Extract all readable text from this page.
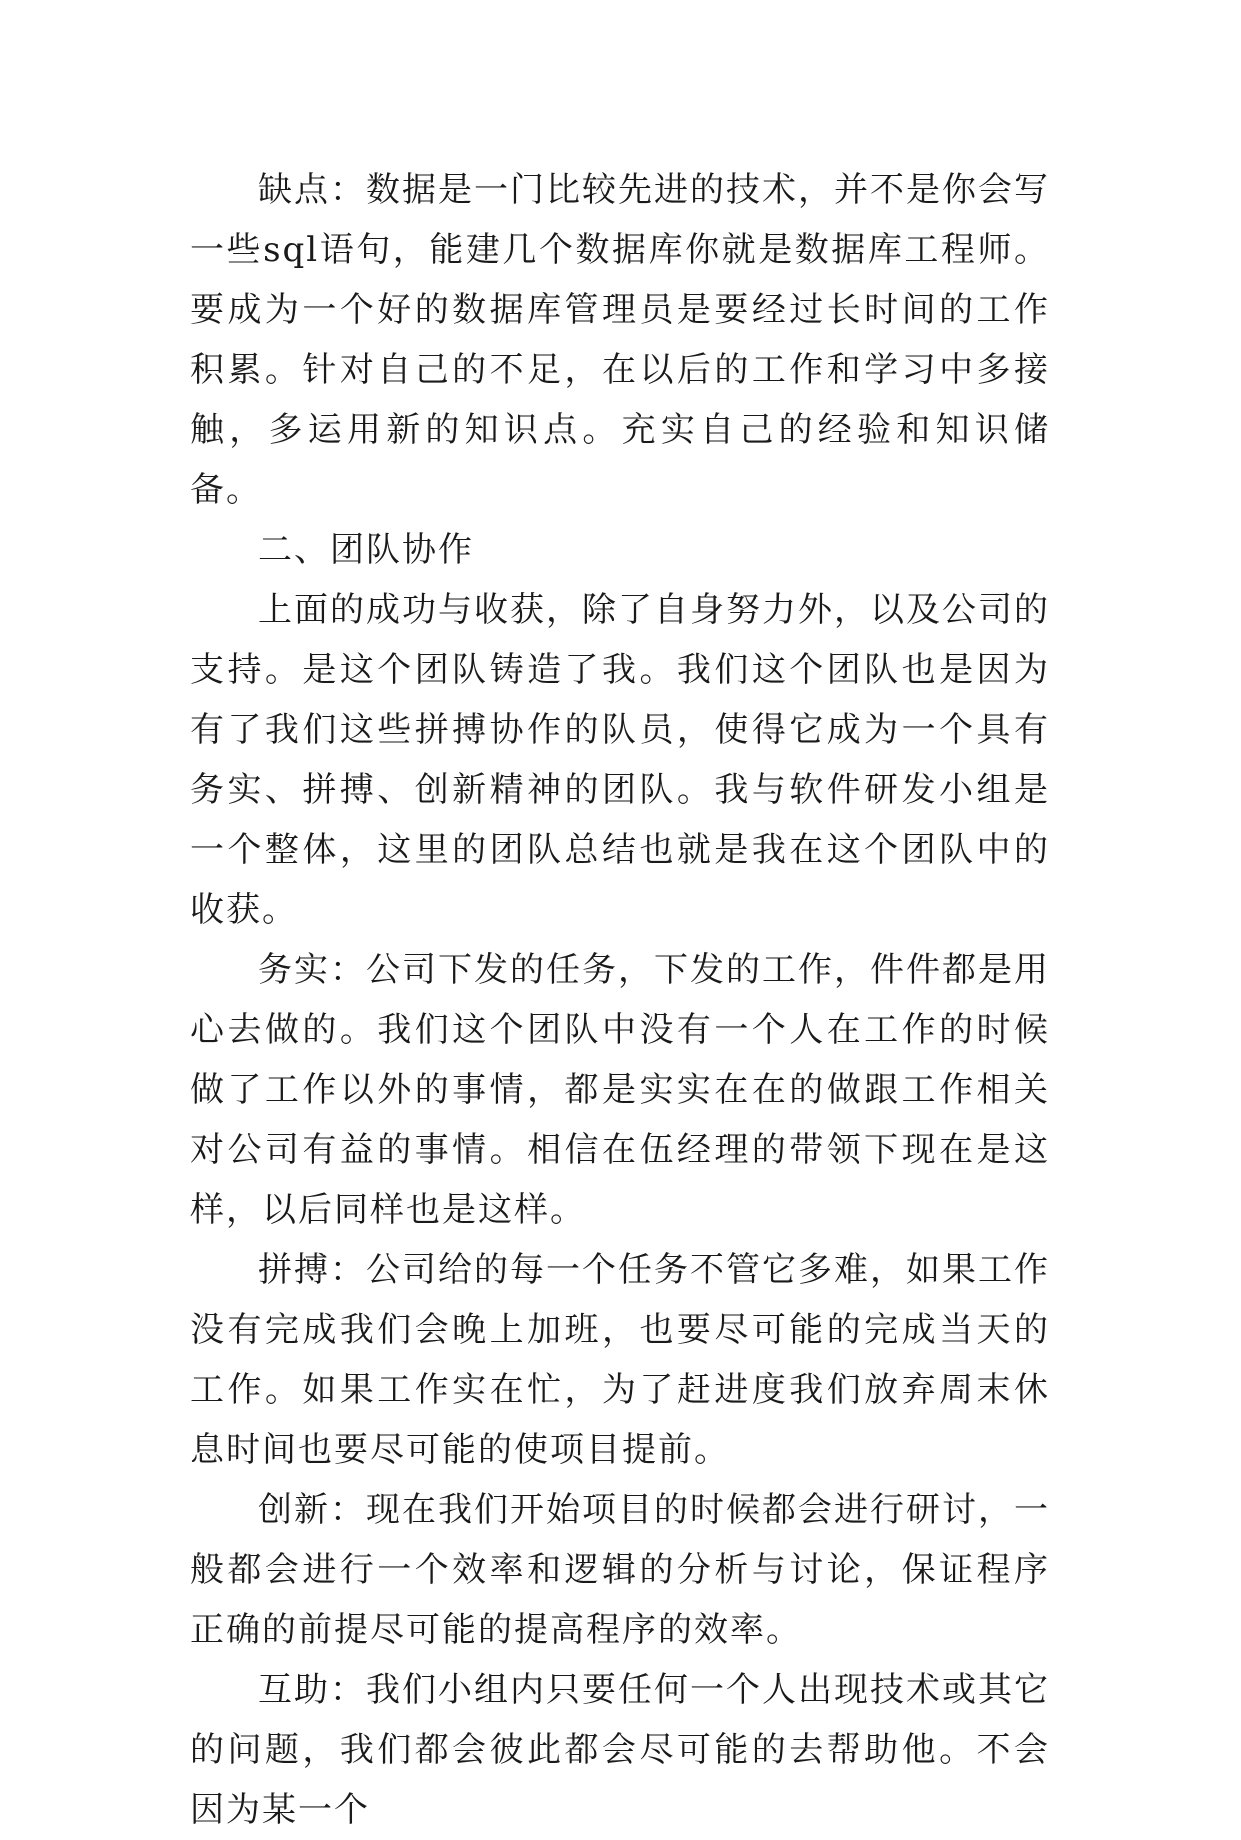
缺点：数据是一门比较先进的技术，并不是你会写一些sql语句，能建几个数据库你就是数据库工程师。要成为一个好的数据库管理员是要经过长时间的工作积累。针对自己的不足，在以后的工作和学习中多接触，多运用新的知识点。充实自己的经验和知识储备。

二、团队协作

上面的成功与收获，除了自身努力外，以及公司的支持。是这个团队铸造了我。我们这个团队也是因为有了我们这些拼搏协作的队员，使得它成为一个具有务实、拼搏、创新精神的团队。我与软件研发小组是一个整体，这里的团队总结也就是我在这个团队中的收获。

务实：公司下发的任务，下发的工作，件件都是用心去做的。我们这个团队中没有一个人在工作的时候做了工作以外的事情，都是实实在在的做跟工作相关对公司有益的事情。相信在伍经理的带领下现在是这样，以后同样也是这样。

拼搏：公司给的每一个任务不管它多难，如果工作没有完成我们会晚上加班，也要尽可能的完成当天的工作。如果工作实在忙，为了赶进度我们放弃周末休息时间也要尽可能的使项目提前。

创新：现在我们开始项目的时候都会进行研讨，一般都会进行一个效率和逻辑的分析与讨论，保证程序正确的前提尽可能的提高程序的效率。

互助：我们小组内只要任何一个人出现技术或其它的问题，我们都会彼此都会尽可能的去帮助他。不会因为某一个
